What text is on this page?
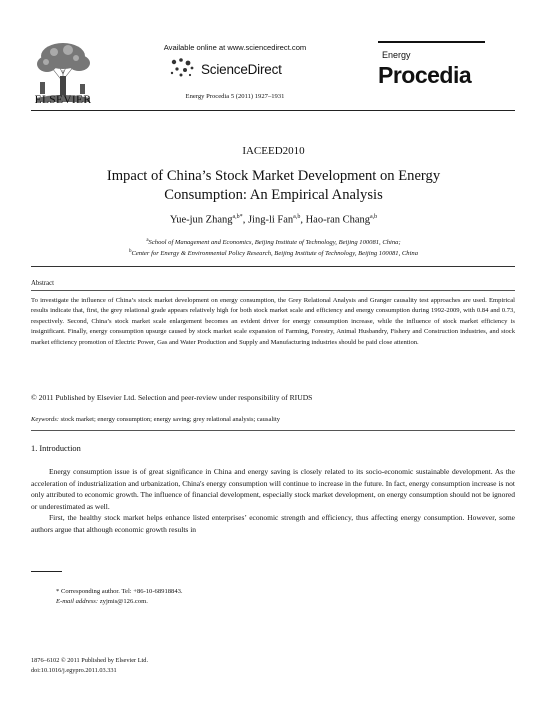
ELSEVIER
Available online at www.sciencedirect.com
ScienceDirect
Energy Procedia 5 (2011) 1927–1931
Energy
Procedia
IACEED2010
Impact of China’s Stock Market Development on Energy
Consumption: An Empirical Analysis
Yue-jun Zhang$^{a,b*}$, Jing-li Fan$^{a,b}$, Hao-ran Chang$^{a,b}$
$^a$School of Management and Economics, Beijing Institute of Technology, Beijing 100081, China;
$^b$Center for Energy & Environmental Policy Research, Beijing Institute of Technology, Beijing 100081, China
Abstract
To investigate the influence of China’s stock market development on energy consumption, the Grey Relational Analysis and Granger causality test approaches are used. Empirical results indicate that, first, the grey relational grade appears relatively high for both stock market scale and efficiency and energy consumption during 1992-2009, with 0.84 and 0.73, respectively. Second, China’s stock market scale enlargement becomes an evident driver for energy consumption increase, while the influence of stock market efficiency is insignificant. Finally, energy consumption upsurge caused by stock market scale expansion of Farming, Forestry, Animal Husbandry, Fishery and Construction industries, and stock market efficiency promotion of Electric Power, Gas and Water Production and Supply and Manufacturing industries should be paid close attention.
© 2011 Published by Elsevier Ltd. Selection and peer-review under responsibility of RIUDS
Keywords: stock market; energy consumption; energy saving; grey relational analysis; causality
1. Introduction

Energy consumption issue is of great significance in China and energy saving is closely related to its socio-economic sustainable development. As the acceleration of industrialization and urbanization, China's energy consumption will continue to increase in the future. In fact, energy consumption increase is not only attributed to economic growth. The influence of financial development, especially stock market development, on energy consumption should not be ignored or underestimated as well.

First, the healthy stock market helps enhance listed enterprises’ economic strength and efficiency, thus affecting energy consumption. However, some authors argue that although economic growth results in

* Corresponding author. Tel: +86-10-68918843.
E-mail address: zyjmis@126.com.
1876–6102 © 2011 Published by Elsevier Ltd.
doi:10.1016/j.egypro.2011.03.331
